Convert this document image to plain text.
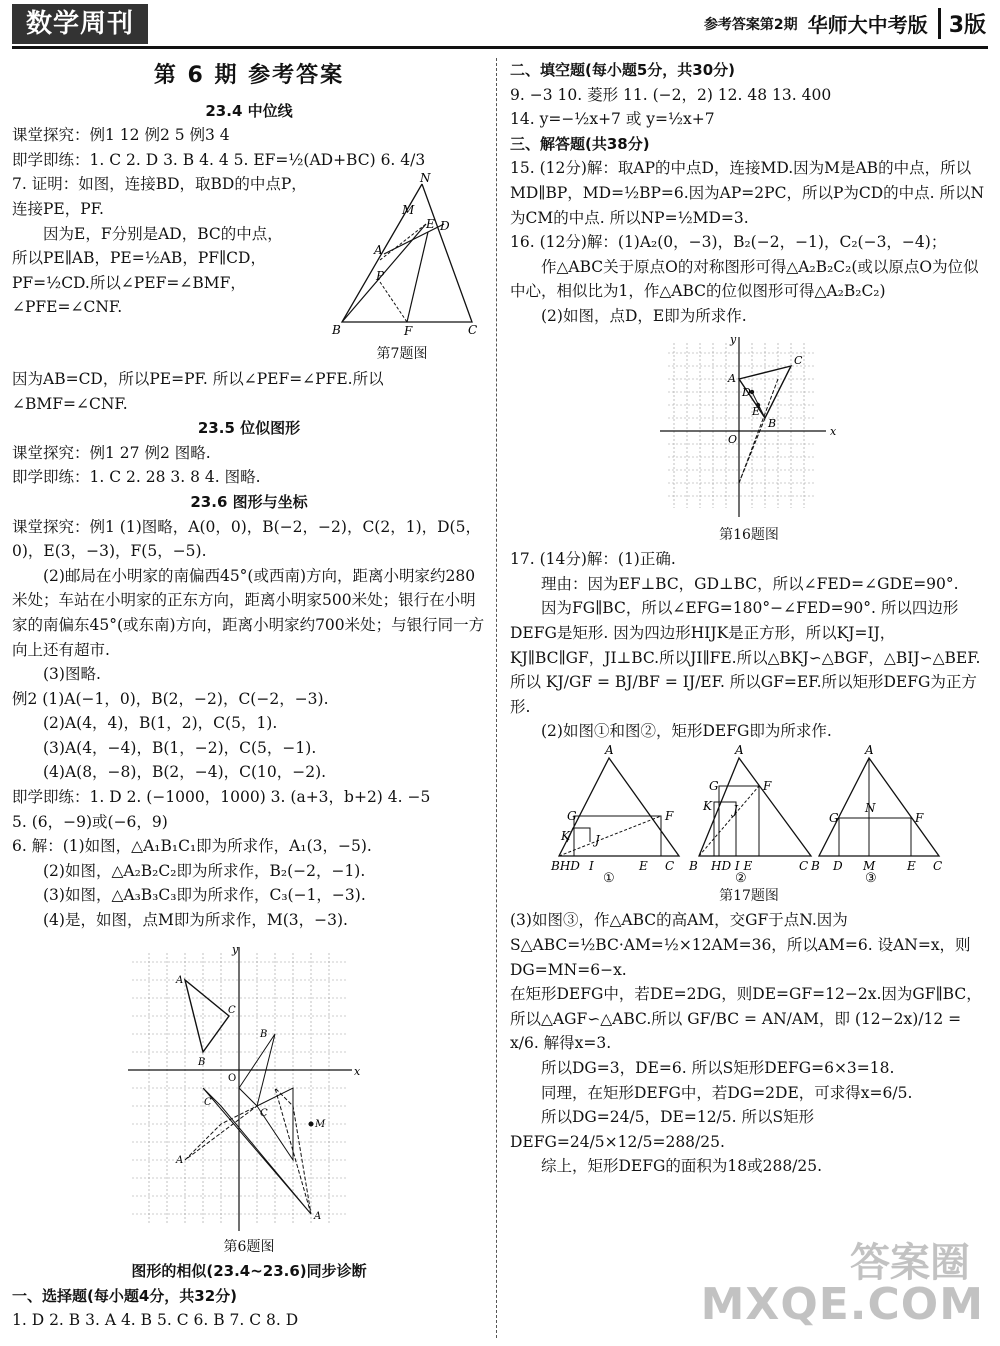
数学周刊	参考答案第2期 华师大中考版 3版

第 6 期 参考答案

23.4 中位线

课堂探究：例1 12 例2 5 例3 4

即学即练：1. C 2. D 3. B 4. 4 5. EF=½(AD+BC) 6. 4/3

7. 证明：如图，连接BD，取BD的中点P，连接PE，PF.

因为E，F分别是AD，BC的中点，

所以PE∥AB，PE=½AB，PF∥CD，PF=½CD.所以∠PEF=∠BMF，∠PFE=∠CNF.

N
M
E D
A
P
B	F	C

第7题图

因为AB=CD，所以PE=PF. 所以∠PEF=∠PFE.所以∠BMF=∠CNF.

23.5 位似图形

课堂探究：例1 27 例2 图略.

即学即练：1. C 2. 28 3. 8 4. 图略.

23.6 图形与坐标

课堂探究：例1 (1)图略，A(0，0)，B(−2，−2)，C(2，1)，D(5，0)，E(3，−3)，F(5，−5).

(2)邮局在小明家的南偏西45°(或西南)方向，距离小明家约280米处；车站在小明家的正东方向，距离小明家500米处；银行在小明家的南偏东45°(或东南)方向，距离小明家约700米处；与银行同一方向上还有超市.

(3)图略.

例2 (1)A(−1，0)，B(2，−2)，C(−2，−3).

(2)A(4，4)，B(1，2)，C(5，1).

(3)A(4，−4)，B(1，−2)，C(5，−1).

(4)A(8，−8)，B(2，−4)，C(10，−2).

即学即练：1. D 2. (−1000，1000) 3. (a+3，b+2) 4. −5

5. (6，−9)或(−6，9)

6. 解：(1)如图，△A₁B₁C₁即为所求作，A₁(3，−5).

(2)如图，△A₂B₂C₂即为所求作，B₂(−2，−1).

(3)如图，△A₃B₃C₃即为所求作，C₃(−1，−3).

(4)是，如图，点M即为所求作，M(3，−3).

x
y
O
A
B
C
M
B
A
A
C
C

第6题图

图形的相似(23.4~23.6)同步诊断

一、选择题(每小题4分，共32分)

1. D 2. B 3. A 4. B 5. C 6. B 7. C 8. D

二、填空题(每小题5分，共30分)

9. −3 10. 菱形 11. (−2，2) 12. 48 13. 400

14. y=−½x+7 或 y=½x+7

三、解答题(共38分)

15. (12分)解：取AP的中点D，连接MD.因为M是AB的中点，所以MD∥BP，MD=½BP=6.因为AP=2PC，所以P为CD的中点. 所以N为CM的中点. 所以NP=½MD=3.

16. (12分)解：(1)A₂(0，−3)，B₂(−2，−1)，C₂(−3，−4)；

作△ABC关于原点O的对称图形可得△A₂B₂C₂(或以原点O为位似中心，相似比为1，作△ABC的位似图形可得△A₂B₂C₂)

(2)如图，点D，E即为所求作.

x
y
O
A
C
B
D
E

第16题图

17. (14分)解：(1)正确.

理由：因为EF⊥BC，GD⊥BC，所以∠FED=∠GDE=90°.

因为FG∥BC，所以∠EFG=180°−∠FED=90°. 所以四边形DEFG是矩形. 因为四边形HIJK是正方形，所以KJ=IJ，KJ∥BC∥GF，JI⊥BC.所以JI∥FE.所以△BKJ∽△BGF，△BIJ∽△BEF.

所以 KJ/GF = BJ/BF = IJ/EF. 所以GF=EF.所以矩形DEFG为正方形.

(2)如图①和图②，矩形DEFG即为所求作.

A
G	F
K J
BHD I	E C
A
G	F
K J
B HD I E	C
A
G	F
N
B D M	E C
①	②	③

第17题图

(3)如图③，作△ABC的高AM，交GF于点N.因为S△ABC=½BC·AM=½×12AM=36，所以AM=6. 设AN=x，则DG=MN=6−x.

在矩形DEFG中，若DE=2DG，则DE=GF=12−2x.因为GF∥BC，所以△AGF∽△ABC.所以 GF/BC = AN/AM，即 (12−2x)/12 = x/6. 解得x=3.

所以DG=3，DE=6. 所以S矩形DEFG=6×3=18.

同理，在矩形DEFG中，若DG=2DE，可求得x=6/5.

所以DG=24/5，DE=12/5. 所以S矩形DEFG=24/5×12/5=288/25.

综上，矩形DEFG的面积为18或288/25.

答案圈
MXQE.COM
